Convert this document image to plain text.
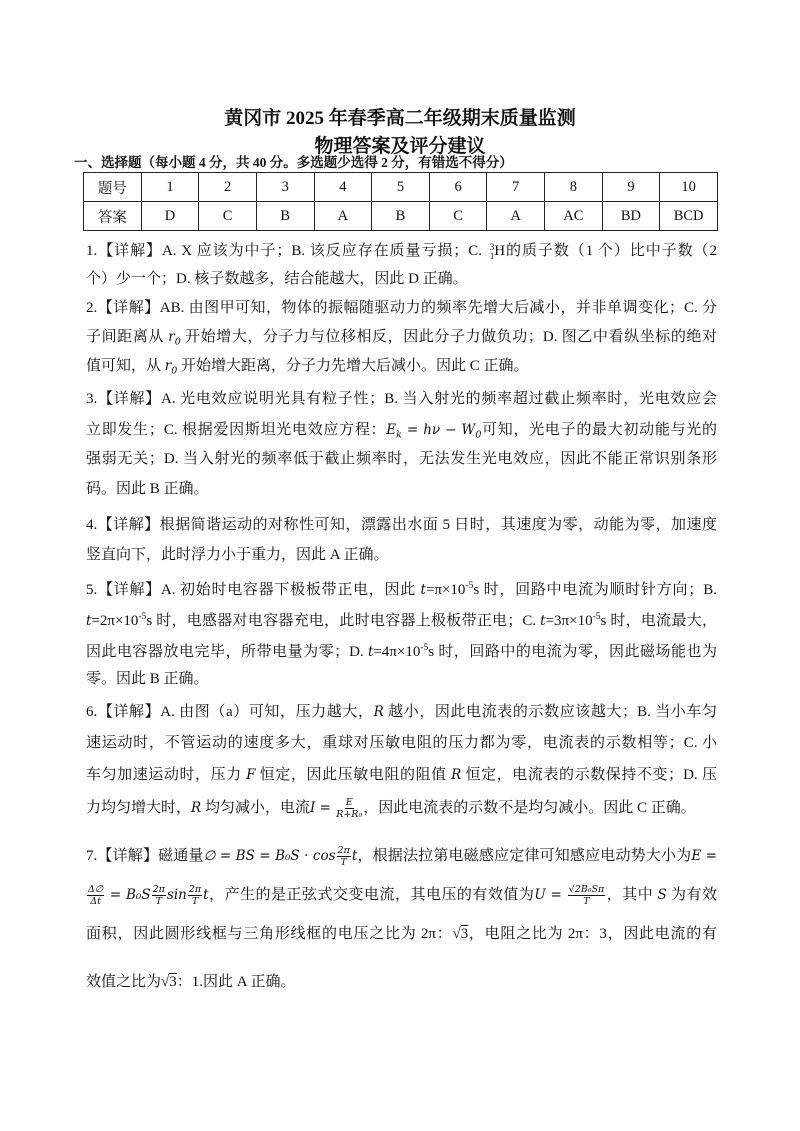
黄冈市 2025 年春季高二年级期末质量监测
物理答案及评分建议
一、选择题（每小题 4 分，共 40 分。多选题少选得 2 分，有错选不得分）
题号	1	2	3	4	5	6	7	8	9	10
答案	D	C	B	A	B	C	A	AC	BD	BCD
1.【详解】A. X 应该为中子；B. 该反应存在质量亏损；C. 3
1 H的质子数（1 个）比中子数（2
个）少一个；D. 核子数越多，结合能越大，因此 D 正确。
2.【详解】AB. 由图甲可知，物体的振幅随驱动力的频率先增大后减小，并非单调变化；C. 分
子间距离从 $r_0$ 开始增大，分子力与位移相反，因此分子力做负功；D. 图乙中看纵坐标的绝对
值可知，从 $r_0$ 开始增大距离，分子力先增大后减小。因此 C 正确。
3.【详解】A. 光电效应说明光具有粒子性；B. 当入射光的频率超过截止频率时，光电效应会
立即发生；C. 根据爱因斯坦光电效应方程：$E_k = h\nu - W_0$可知，光电子的最大初动能与光的
强弱无关；D. 当入射光的频率低于截止频率时，无法发生光电效应，因此不能正常识别条形
码。因此 B 正确。
4.【详解】根据简谐运动的对称性可知，漂露出水面 5 日时，其速度为零，动能为零，加速度
竖直向下，此时浮力小于重力，因此 A 正确。
5.【详解】A. 初始时电容器下极板带正电，因此 $t=\pi\times 10^{-5}s$ 时，回路中电流为顺时针方向；B.
$t=2\pi\times 10^{-5}s$ 时，电感器对电容器充电，此时电容器上极板带正电；C. $t=3\pi\times 10^{-5}s$ 时，电流最大，
因此电容器放电完毕，所带电量为零；D. $t=4\pi\times 10^{-5}s$ 时，回路中的电流为零，因此磁场能也为
零。因此 B 正确。
6.【详解】A. 由图（a）可知，压力越大，R 越小，因此电流表的示数应该越大；B. 当小车匀
速运动时，不管运动的速度多大，重球对压敏电阻的压力都为零，电流表的示数相等；C. 小
车匀加速运动时，压力 F 恒定，因此压敏电阻的阻值 R 恒定，电流表的示数保持不变；D. 压
力均匀增大时，R 均匀减小，电流$I = \frac{E}{\text{R+R₀}}$ ，因此电流表的示数不是均匀减小。因此 C 正确。
7.【详解】磁通量∅ = BS = $B_0S \cdot \cos \frac{2\pi}{T}$ t，根据法拉第电磁感应定律可知感应电动势大小为E =
$\frac{\Delta\emptyset}{\Delta t} = B_0S \frac{2\pi}{T}$ $\sin \frac{2\pi}{T}$ t，产生的是正弦式交变电流，其电压的有效值为$U = \frac{\text{√2B₀Sπ}}{T}$ ，其中 S 为有效
面积，因此圆形线框与三角形线框的电压之比为 2π：√3，电阻之比为 2π：3，因此电流的有
效值之比为√3：1.因此 A 正确。
